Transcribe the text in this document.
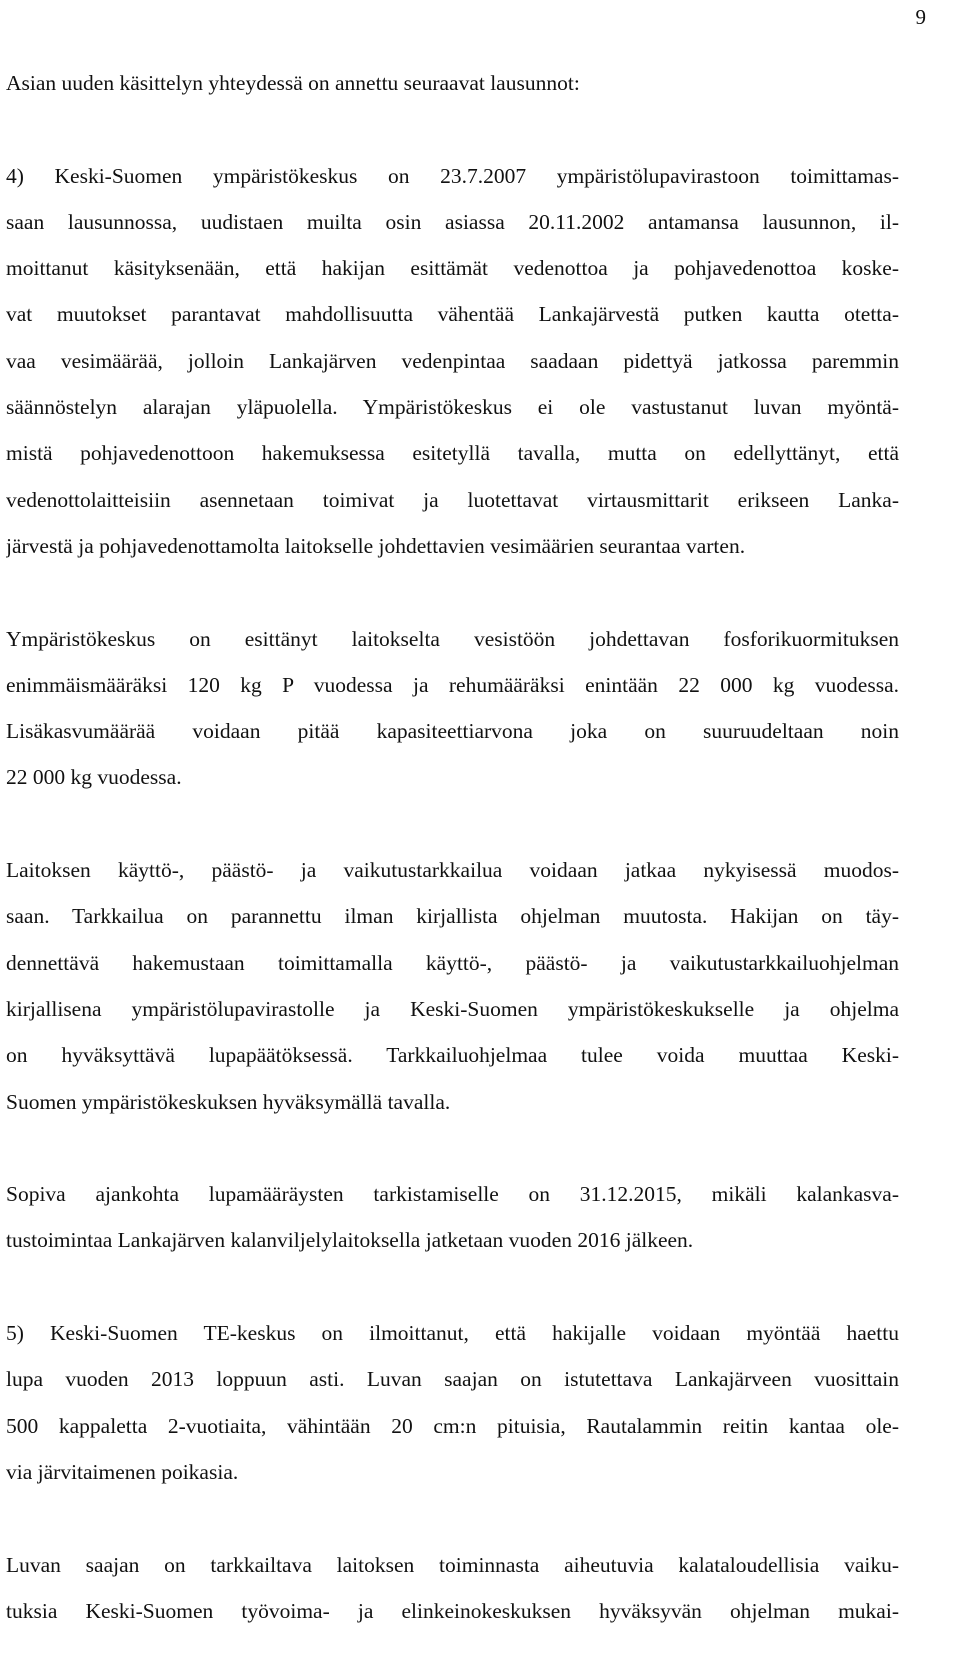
9
Asian uuden käsittelyn yhteydessä on annettu seuraavat lausunnot:
4) Keski-Suomen ympäristökeskus on 23.7.2007 ympäristölupavirastoon toimittamas-
saan lausunnossa, uudistaen muilta osin asiassa 20.11.2002 antamansa lausunnon, il-
moittanut käsityksenään, että hakijan esittämät vedenottoa ja pohjavedenottoa koske-
vat muutokset parantavat mahdollisuutta vähentää Lankajärvestä putken kautta otetta-
vaa vesimäärää, jolloin Lankajärven vedenpintaa saadaan pidettyä jatkossa paremmin
säännöstelyn alarajan yläpuolella. Ympäristökeskus ei ole vastustanut luvan myöntä-
mistä pohjavedenottoon hakemuksessa esitetyllä tavalla, mutta on edellyttänyt, että
vedenottolaitteisiin asennetaan toimivat ja luotettavat virtausmittarit erikseen Lanka-
järvestä ja pohjavedenottamolta laitokselle johdettavien vesimäärien seurantaa varten.
Ympäristökeskus on esittänyt laitokselta vesistöön johdettavan fosforikuormituksen
enimmäismääräksi 120 kg P vuodessa ja rehumääräksi enintään 22 000 kg vuodessa.
Lisäkasvumäärää voidaan pitää kapasiteettiarvona joka on suuruudeltaan noin
22 000 kg vuodessa.
Laitoksen käyttö-, päästö- ja vaikutustarkkailua voidaan jatkaa nykyisessä muodos-
saan. Tarkkailua on parannettu ilman kirjallista ohjelman muutosta. Hakijan on täy-
dennettävä hakemustaan toimittamalla käyttö-, päästö- ja vaikutustarkkailuohjelman
kirjallisena ympäristölupavirastolle ja Keski-Suomen ympäristökeskukselle ja ohjelma
on hyväksyttävä lupapäätöksessä. Tarkkailuohjelmaa tulee voida muuttaa Keski-
Suomen ympäristökeskuksen hyväksymällä tavalla.
Sopiva ajankohta lupamääräysten tarkistamiselle on 31.12.2015, mikäli kalankasva-
tustoimintaa Lankajärven kalanviljelylaitoksella jatketaan vuoden 2016 jälkeen.
5) Keski-Suomen TE-keskus on ilmoittanut, että hakijalle voidaan myöntää haettu
lupa vuoden 2013 loppuun asti. Luvan saajan on istutettava Lankajärveen vuosittain
500 kappaletta 2-vuotiaita, vähintään 20 cm:n pituisia, Rautalammin reitin kantaa ole-
via järvitaimenen poikasia.
Luvan saajan on tarkkailtava laitoksen toiminnasta aiheutuvia kalataloudellisia vaiku-
tuksia Keski-Suomen työvoima- ja elinkeinokeskuksen hyväksyvän ohjelman mukai-
